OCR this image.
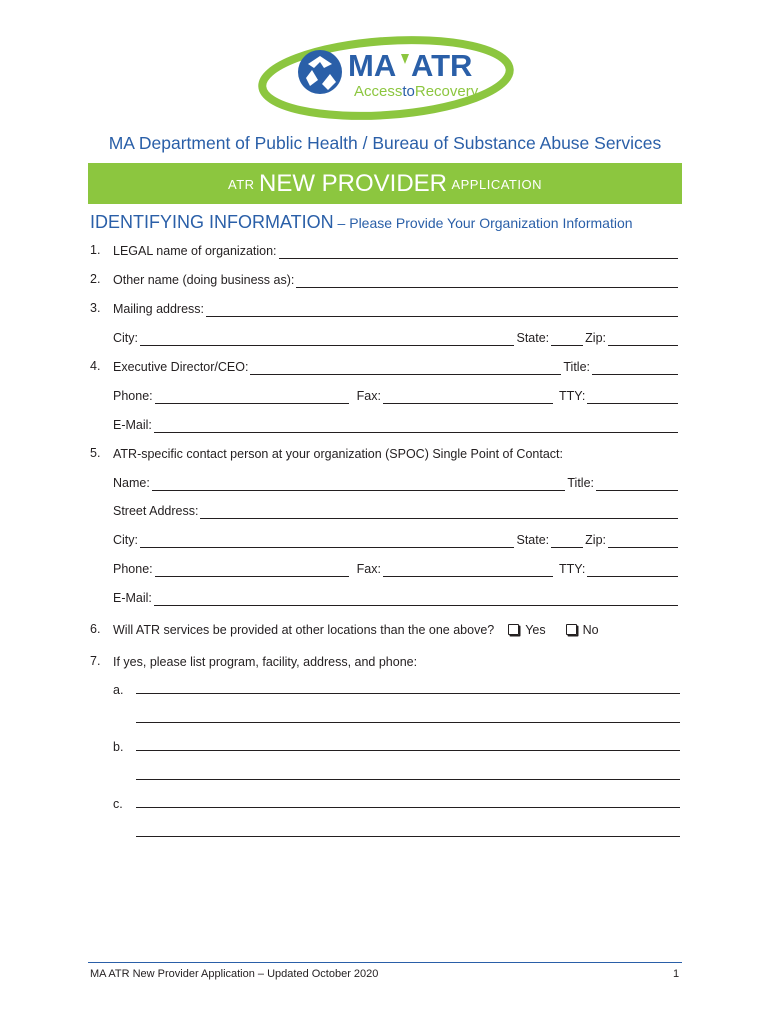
MA ATR
AccesstoRecovery
MA Department of Public Health / Bureau of Substance Abuse Services
ATR NEW PROVIDER APPLICATION
IDENTIFYING INFORMATION – Please Provide Your Organization Information
1. LEGAL name of organization:
2. Other name (doing business as):
3. Mailing address:
City:	State:	Zip:
4. Executive Director/CEO:	Title:
Phone:	Fax:	TTY:
E-Mail:
5. ATR-specific contact person at your organization (SPOC) Single Point of Contact:
Name:	Title:
Street Address:
City:	State:	Zip:
Phone:	Fax:	TTY:
E-Mail:
6. Will ATR services be provided at other locations than the one above?	Yes	No
7. If yes, please list program, facility, address, and phone:
a.
b.
c.
MA ATR New Provider Application – Updated October 2020	1
